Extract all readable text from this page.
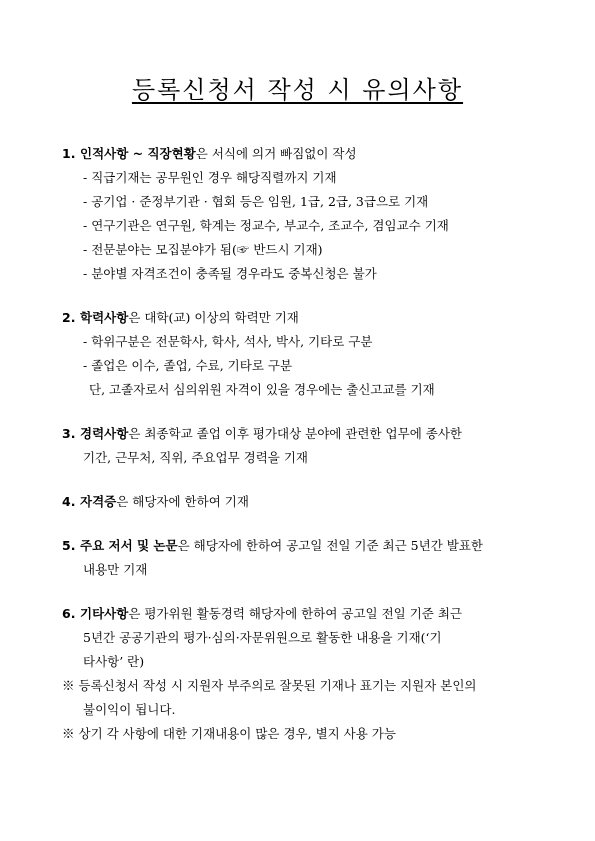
등록신청서 작성 시 유의사항
1. 인적사항 ~ 직장현황은 서식에 의거 빠짐없이 작성
- 직급기재는 공무원인 경우 해당직렬까지 기재
- 공기업 · 준정부기관 · 협회 등은 임원, 1급, 2급, 3급으로 기재
- 연구기관은 연구원, 학계는 정교수, 부교수, 조교수, 겸임교수 기재
- 전문분야는 모집분야가 됨(☞ 반드시 기재)
- 분야별 자격조건이 충족될 경우라도 중복신청은 불가
2. 학력사항은 대학(교) 이상의 학력만 기재
- 학위구분은 전문학사, 학사, 석사, 박사, 기타로 구분
- 졸업은 이수, 졸업, 수료, 기타로 구분
단, 고졸자로서 심의위원 자격이 있을 경우에는 출신고교를 기재
3. 경력사항은 최종학교 졸업 이후 평가대상 분야에 관련한 업무에 종사한
기간, 근무처, 직위, 주요업무 경력을 기재
4. 자격증은 해당자에 한하여 기재
5. 주요 저서 및 논문은 해당자에 한하여 공고일 전일 기준 최근 5년간 발표한
내용만 기재
6. 기타사항은 평가위원 활동경력 해당자에 한하여 공고일 전일 기준 최근
5년간 공공기관의 평가·심의·자문위원으로 활동한 내용을 기재(‘기
타사항’ 란)
※ 등록신청서 작성 시 지원자 부주의로 잘못된 기재나 표기는 지원자 본인의
불이익이 됩니다.
※ 상기 각 사항에 대한 기재내용이 많은 경우, 별지 사용 가능
